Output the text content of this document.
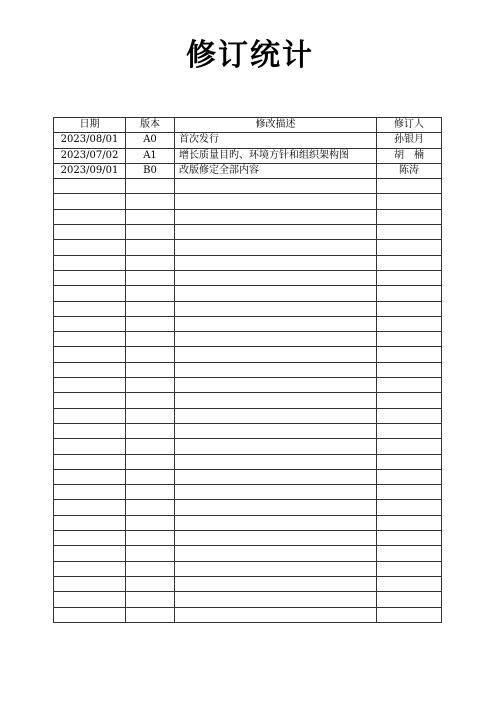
修订统计
日期	版本	修改描述	修订人
2023/08/01	A0	首次发行	孙银月
2023/07/02	A1	增长质量目旳、环境方针和组织架构图	胡　楠
2023/09/01	B0	改版修定全部内容	陈涛
